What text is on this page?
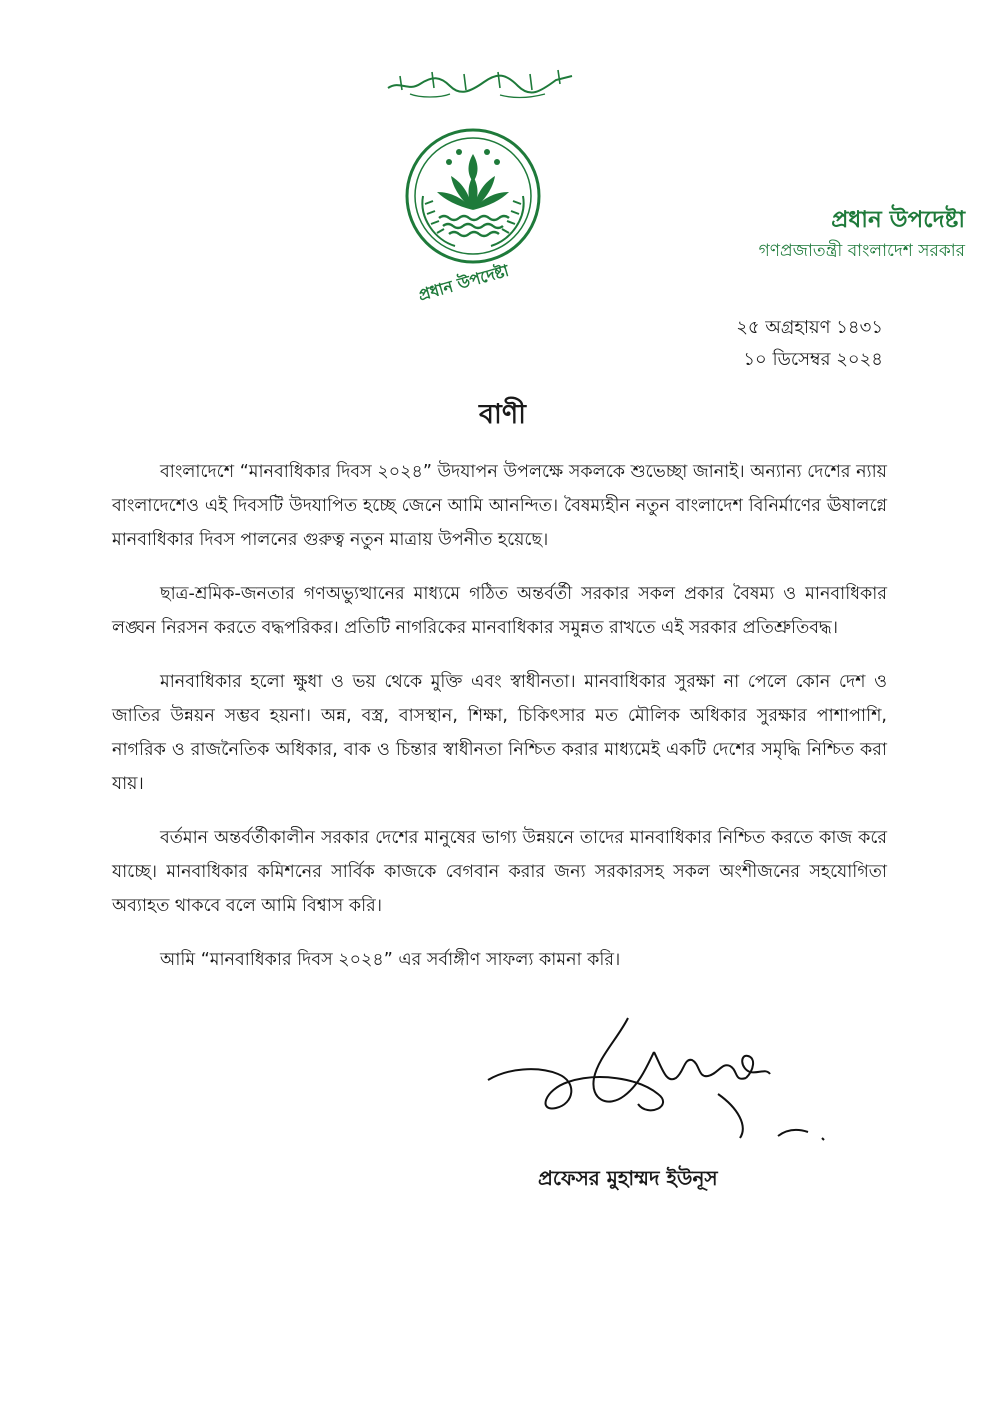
প্রধান উপদেষ্টা
প্রধান উপদেষ্টা
গণপ্রজাতন্ত্রী বাংলাদেশ সরকার
২৫ অগ্রহায়ণ ১৪৩১
১০ ডিসেম্বর ২০২৪
বাণী

বাংলাদেশে “মানবাধিকার দিবস ২০২৪” উদযাপন উপলক্ষে সকলকে শুভেচ্ছা জানাই। অন্যান্য দেশের ন্যায় বাংলাদেশেও এই দিবসটি উদযাপিত হচ্ছে জেনে আমি আনন্দিত। বৈষম্যহীন নতুন বাংলাদেশ বিনির্মাণের ঊষালগ্নে মানবাধিকার দিবস পালনের গুরুত্ব নতুন মাত্রায় উপনীত হয়েছে।

ছাত্র-শ্রমিক-জনতার গণঅভ্যুত্থানের মাধ্যমে গঠিত অন্তর্বর্তী সরকার সকল প্রকার বৈষম্য ও মানবাধিকার লঙ্ঘন নিরসন করতে বদ্ধপরিকর। প্রতিটি নাগরিকের মানবাধিকার সমুন্নত রাখতে এই সরকার প্রতিশ্রুতিবদ্ধ।

মানবাধিকার হলো ক্ষুধা ও ভয় থেকে মুক্তি এবং স্বাধীনতা। মানবাধিকার সুরক্ষা না পেলে কোন দেশ ও জাতির উন্নয়ন সম্ভব হয়না। অন্ন, বস্ত্র, বাসস্থান, শিক্ষা, চিকিৎসার মত মৌলিক অধিকার সুরক্ষার পাশাপাশি, নাগরিক ও রাজনৈতিক অধিকার, বাক ও চিন্তার স্বাধীনতা নিশ্চিত করার মাধ্যমেই একটি দেশের সমৃদ্ধি নিশ্চিত করা যায়।

বর্তমান অন্তর্বর্তীকালীন সরকার দেশের মানুষের ভাগ্য উন্নয়নে তাদের মানবাধিকার নিশ্চিত করতে কাজ করে যাচ্ছে। মানবাধিকার কমিশনের সার্বিক কাজকে বেগবান করার জন্য সরকারসহ সকল অংশীজনের সহযোগিতা অব্যাহত থাকবে বলে আমি বিশ্বাস করি।

আমি “মানবাধিকার দিবস ২০২৪” এর সর্বাঙ্গীণ সাফল্য কামনা করি।

প্রফেসর মুহাম্মদ ইউনূস
